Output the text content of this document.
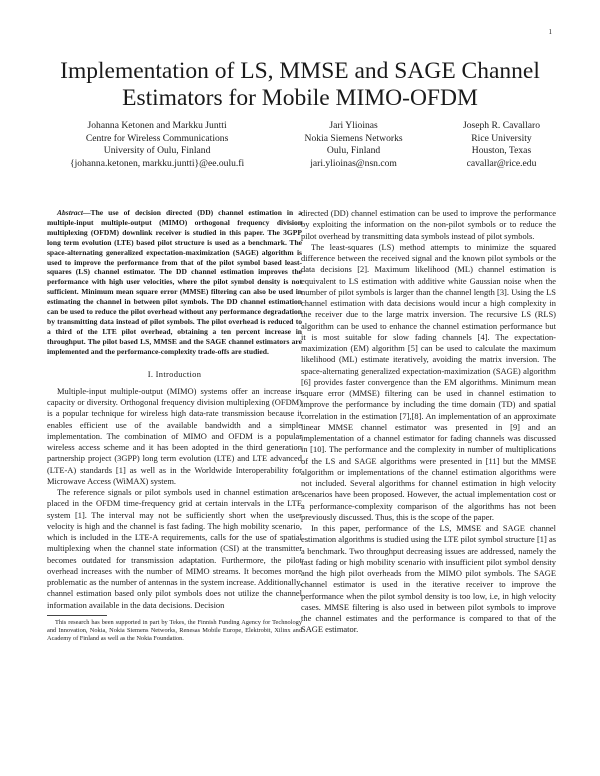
1
Implementation of LS, MMSE and SAGE Channel
Estimators for Mobile MIMO-OFDM
Johanna Ketonen and Markku Juntti
Centre for Wireless Communications
University of Oulu, Finland
{johanna.ketonen, markku.juntti}@ee.oulu.fi
Jari Ylioinas
Nokia Siemens Networks
Oulu, Finland
jari.ylioinas@nsn.com
Joseph R. Cavallaro
Rice University
Houston, Texas
cavallar@rice.edu

Abstract—The use of decision directed (DD) channel estimation in a multiple-input multiple-output (MIMO) orthogonal frequency division multiplexing (OFDM) downlink receiver is studied in this paper. The 3GPP long term evolution (LTE) based pilot structure is used as a benchmark. The space-alternating generalized expectation-maximization (SAGE) algorithm is used to improve the performance from that of the pilot symbol based least-squares (LS) channel estimator. The DD channel estimation improves the performance with high user velocities, where the pilot symbol density is not sufficient. Minimum mean square error (MMSE) filtering can also be used in estimating the channel in between pilot symbols. The DD channel estimation can be used to reduce the pilot overhead without any performance degradation by transmitting data instead of pilot symbols. The pilot overhead is reduced to a third of the LTE pilot overhead, obtaining a ten percent increase in throughput. The pilot based LS, MMSE and the SAGE channel estimators are implemented and the performance-complexity trade-offs are studied.

I. Introduction

Multiple-input multiple-output (MIMO) systems offer an increase in capacity or diversity. Orthogonal frequency division multiplexing (OFDM) is a popular technique for wireless high data-rate transmission because it enables efficient use of the available bandwidth and a simple implementation. The combination of MIMO and OFDM is a popular wireless access scheme and it has been adopted in the third generation partnership project (3GPP) long term evolution (LTE) and LTE advanced (LTE-A) standards [1] as well as in the Worldwide Interoperability for Microwave Access (WiMAX) system.

The reference signals or pilot symbols used in channel estimation are placed in the OFDM time-frequency grid at certain intervals in the LTE system [1]. The interval may not be sufficiently short when the user velocity is high and the channel is fast fading. The high mobility scenario, which is included in the LTE-A requirements, calls for the use of spatial multiplexing when the channel state information (CSI) at the transmitter becomes outdated for transmission adaptation. Furthermore, the pilot overhead increases with the number of MIMO streams. It becomes more problematic as the number of antennas in the system increase. Additionally, channel estimation based only pilot symbols does not utilize the channel information available in the data decisions. Decision

This research has been supported in part by Tekes, the Finnish Funding Agency for Technology and Innovation, Nokia, Nokia Siemens Networks, Renesas Mobile Europe, Elektrobit, Xilinx and Academy of Finland as well as the Nokia Foundation.

directed (DD) channel estimation can be used to improve the performance by exploiting the information on the non-pilot symbols or to reduce the pilot overhead by transmitting data symbols instead of pilot symbols.

The least-squares (LS) method attempts to minimize the squared difference between the received signal and the known pilot symbols or the data decisions [2]. Maximum likelihood (ML) channel estimation is equivalent to LS estimation with additive white Gaussian noise when the number of pilot symbols is larger than the channel length [3]. Using the LS channel estimation with data decisions would incur a high complexity in the receiver due to the large matrix inversion. The recursive LS (RLS) algorithm can be used to enhance the channel estimation performance but it is most suitable for slow fading channels [4]. The expectation-maximization (EM) algorithm [5] can be used to calculate the maximum likelihood (ML) estimate iteratively, avoiding the matrix inversion. The space-alternating generalized expectation-maximization (SAGE) algorithm [6] provides faster convergence than the EM algorithms. Minimum mean square error (MMSE) filtering can be used in channel estimation to improve the performance by including the time domain (TD) and spatial correlation in the estimation [7],[8]. An implementation of an approximate linear MMSE channel estimator was presented in [9] and an implementation of a channel estimator for fading channels was discussed in [10]. The performance and the complexity in number of multiplications of the LS and SAGE algorithms were presented in [11] but the MMSE algorithm or implementations of the channel estimation algorithms were not included. Several algorithms for channel estimation in high velocity scenarios have been proposed. However, the actual implementation cost or a performance-complexity comparison of the algorithms has not been previously discussed. Thus, this is the scope of the paper.

In this paper, performance of the LS, MMSE and SAGE channel estimation algorithms is studied using the LTE pilot symbol structure [1] as a benchmark. Two throughput decreasing issues are addressed, namely the fast fading or high mobility scenario with insufficient pilot symbol density and the high pilot overheads from the MIMO pilot symbols. The SAGE channel estimator is used in the iterative receiver to improve the performance when the pilot symbol density is too low, i.e, in high velocity cases. MMSE filtering is also used in between pilot symbols to improve the channel estimates and the performance is compared to that of the SAGE estimator.
